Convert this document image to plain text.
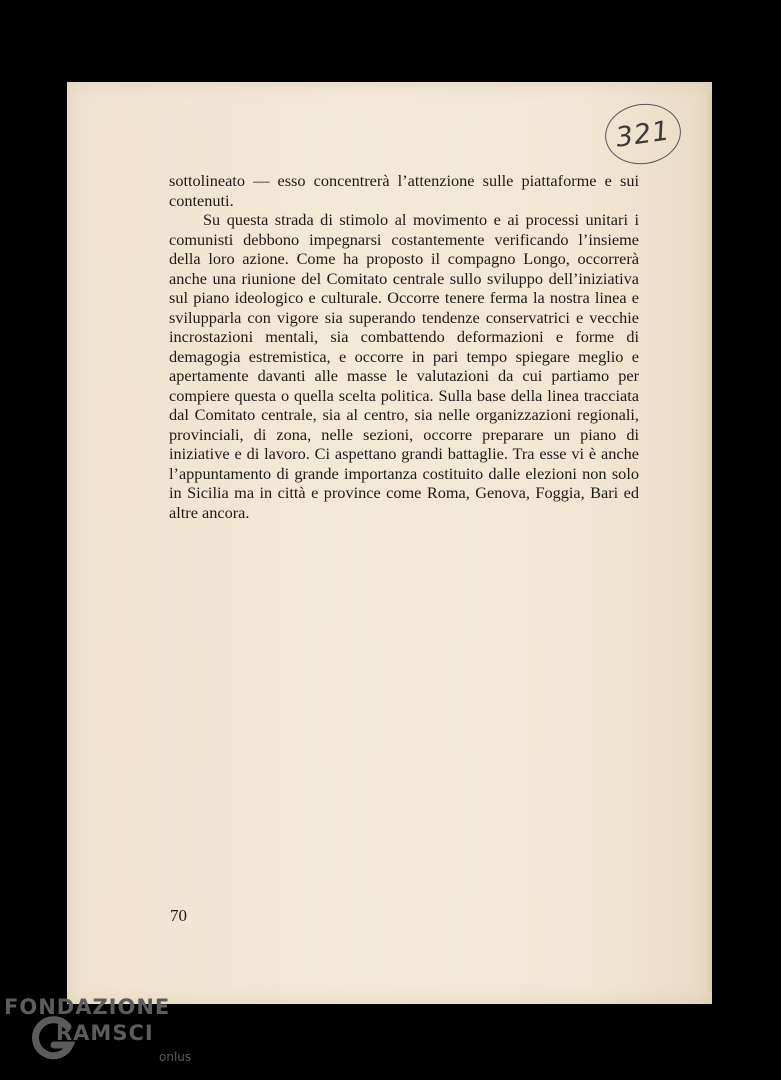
321

sottolineato — esso concentrerà l’attenzione sulle piattaforme e sui contenuti.

Su questa strada di stimolo al movimento e ai processi unitari i comunisti debbono impegnarsi costantemente verificando l’insieme della loro azione. Come ha proposto il compagno Longo, occorrerà anche una riunione del Comitato centrale sullo sviluppo dell’iniziativa sul piano ideologico e culturale. Occorre tenere ferma la nostra linea e svilupparla con vigore sia superando tendenze conservatrici e vecchie incrostazioni mentali, sia combattendo deformazioni e forme di demagogia estremistica, e occorre in pari tempo spiegare meglio e apertamente davanti alle masse le valutazioni da cui partiamo per compiere questa o quella scelta politica. Sulla base della linea tracciata dal Comitato centrale, sia al centro, sia nelle organizzazioni regionali, provinciali, di zona, nelle sezioni, occorre preparare un piano di iniziative e di lavoro. Ci aspettano grandi battaglie. Tra esse vi è anche l’appuntamento di grande importanza costituito dalle elezioni non solo in Sicilia ma in città e province come Roma, Genova, Foggia, Bari ed altre ancora.

70
FONDAZIONE
RAMSCI
onlus
